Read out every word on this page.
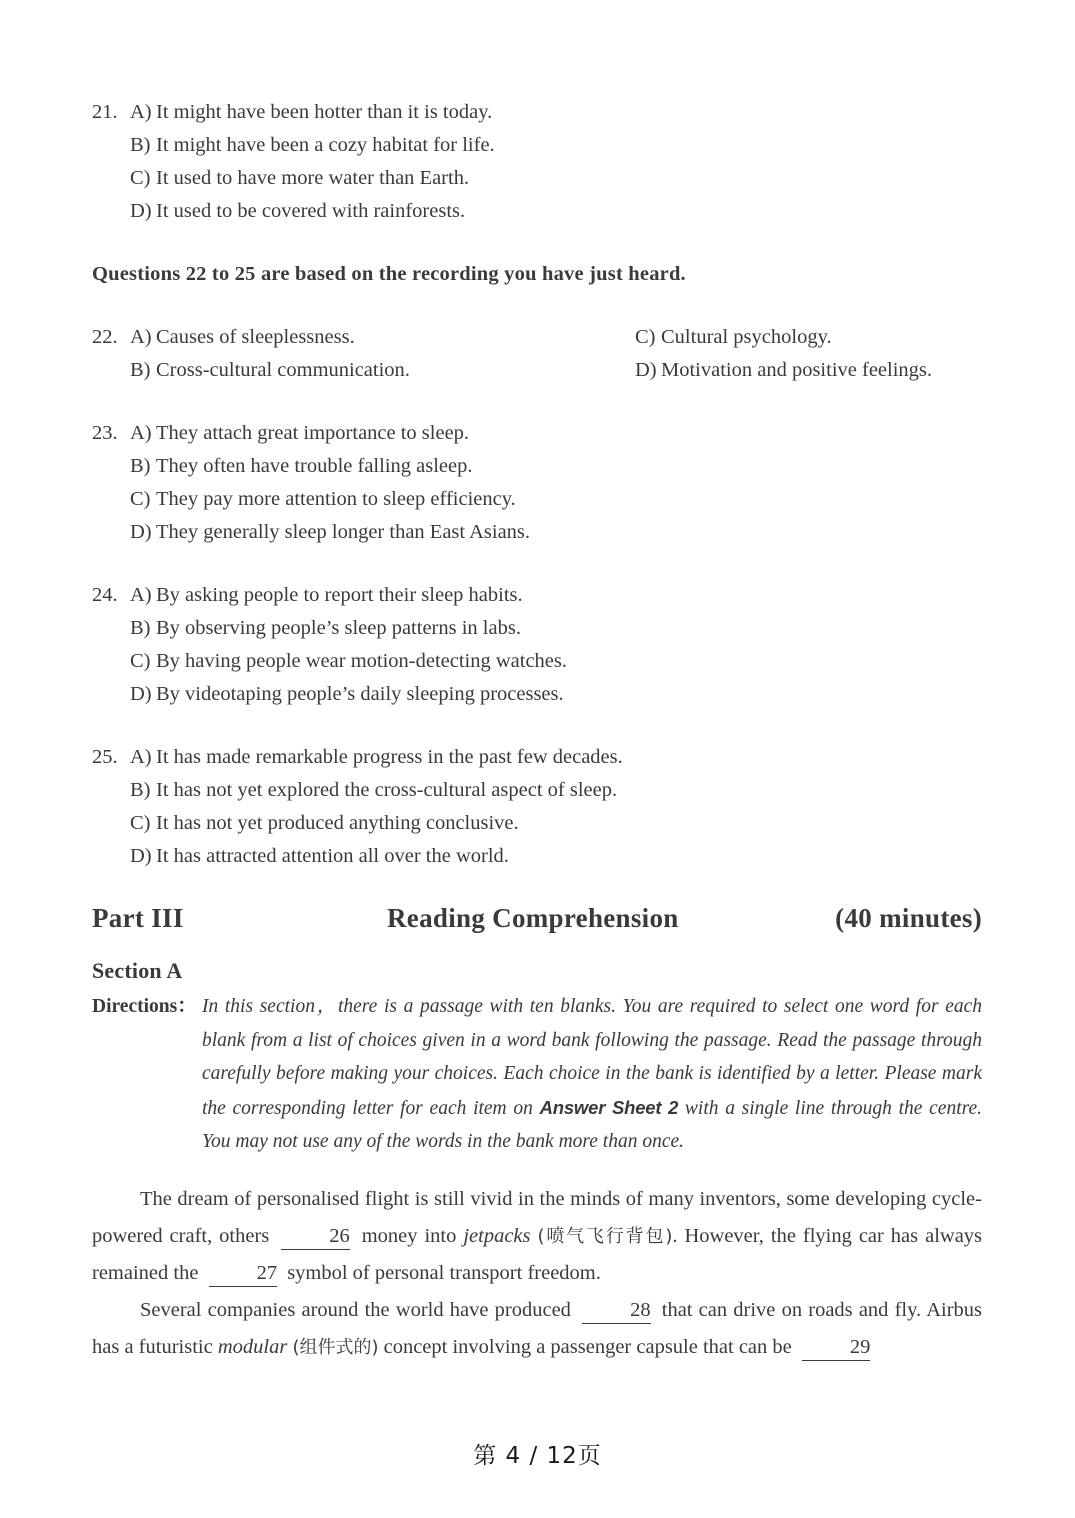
21. A) It might have been hotter than it is today.
B) It might have been a cozy habitat for life.
C) It used to have more water than Earth.
D) It used to be covered with rainforests.
Questions 22 to 25 are based on the recording you have just heard.
22. A) Causes of sleeplessness.	C) Cultural psychology.
B) Cross-cultural communication.	D) Motivation and positive feelings.
23. A) They attach great importance to sleep.
B) They often have trouble falling asleep.
C) They pay more attention to sleep efficiency.
D) They generally sleep longer than East Asians.
24. A) By asking people to report their sleep habits.
B) By observing people’s sleep patterns in labs.
C) By having people wear motion-detecting watches.
D) By videotaping people’s daily sleeping processes.
25. A) It has made remarkable progress in the past few decades.
B) It has not yet explored the cross-cultural aspect of sleep.
C) It has not yet produced anything conclusive.
D) It has attracted attention all over the world.
Part III	Reading Comprehension	(40 minutes)
Section A
Directions： In this section，there is a passage with ten blanks. You are required to select one word for each blank from a list of choices given in a word bank following the passage. Read the passage through carefully before making your choices. Each choice in the bank is identified by a letter. Please mark the corresponding letter for each item on Answer Sheet 2 with a single line through the centre. You may not use any of the words in the bank more than once.

The dream of personalised flight is still vivid in the minds of many inventors, some developing cycle-powered craft, others	26 money into jetpacks (喷气飞行背包). However, the flying car has always remained the	27 symbol of personal transport freedom.

Several companies around the world have produced	28 that can drive on roads and fly. Airbus has a futuristic modular (组件式的) concept involving a passenger capsule that can be	29

第 4 / 12页
